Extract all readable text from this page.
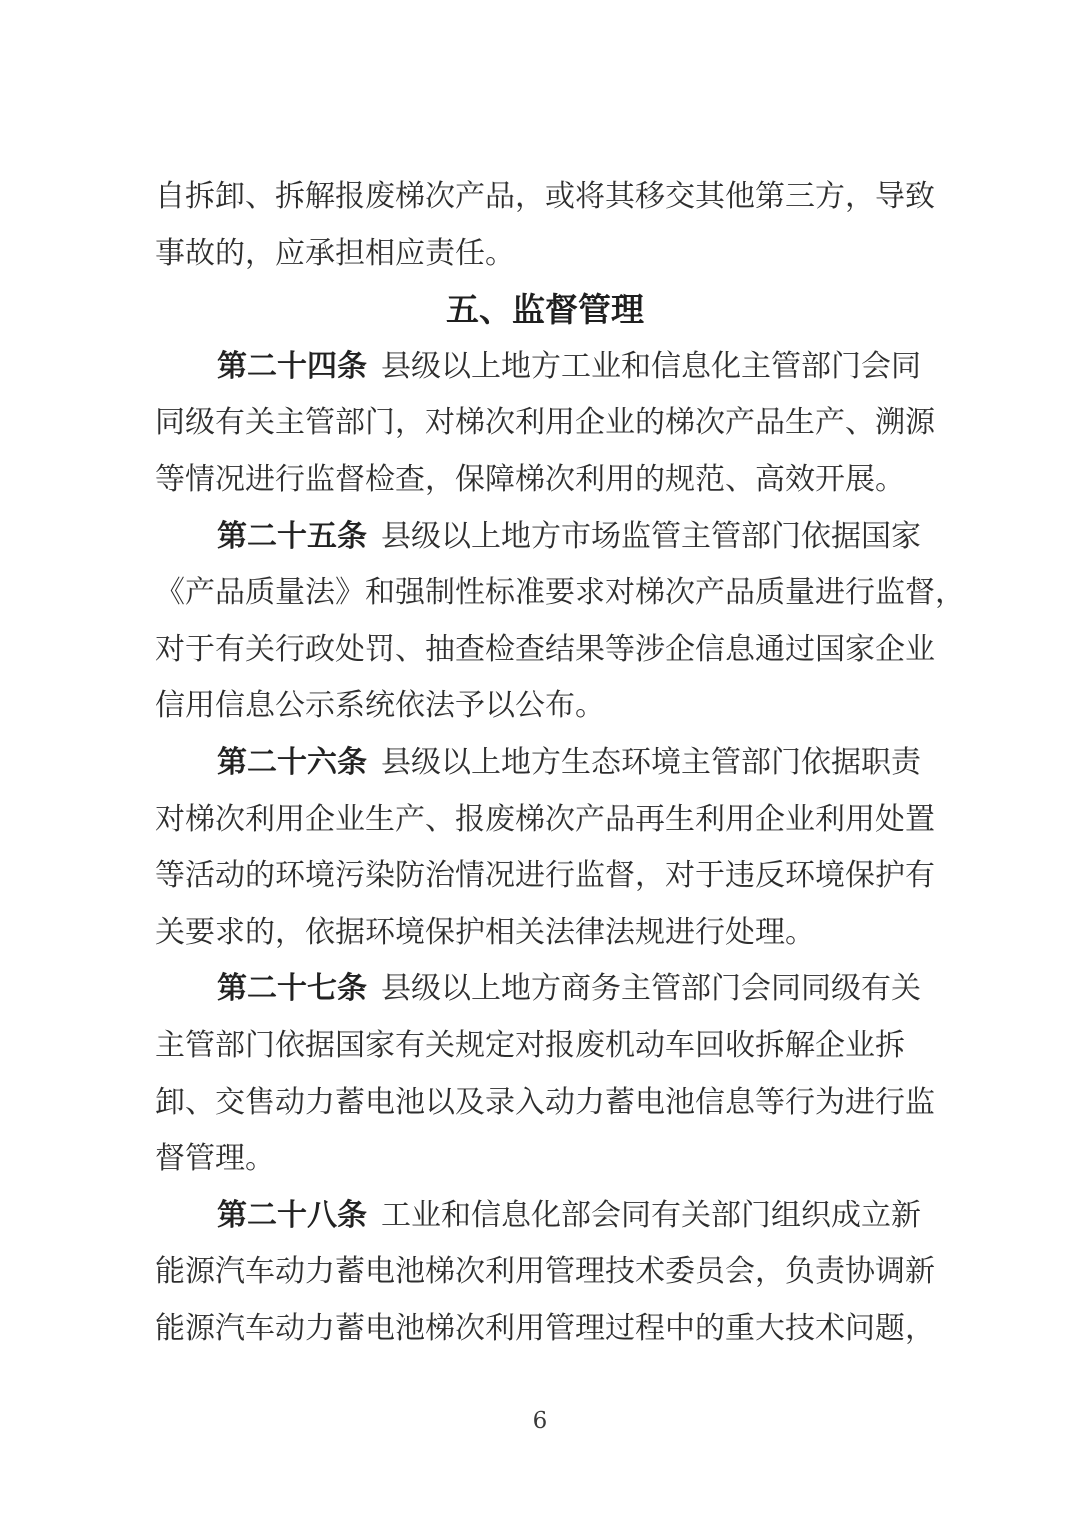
自拆卸、拆解报废梯次产品，或将其移交其他第三方，导致
事故的，应承担相应责任。
五、监督管理
第二十四条 县级以上地方工业和信息化主管部门会同
同级有关主管部门，对梯次利用企业的梯次产品生产、溯源
等情况进行监督检查，保障梯次利用的规范、高效开展。
第二十五条 县级以上地方市场监管主管部门依据国家
《产品质量法》和强制性标准要求对梯次产品质量进行监督，
对于有关行政处罚、抽查检查结果等涉企信息通过国家企业
信用信息公示系统依法予以公布。
第二十六条 县级以上地方生态环境主管部门依据职责
对梯次利用企业生产、报废梯次产品再生利用企业利用处置
等活动的环境污染防治情况进行监督，对于违反环境保护有
关要求的，依据环境保护相关法律法规进行处理。
第二十七条 县级以上地方商务主管部门会同同级有关
主管部门依据国家有关规定对报废机动车回收拆解企业拆
卸、交售动力蓄电池以及录入动力蓄电池信息等行为进行监
督管理。
第二十八条 工业和信息化部会同有关部门组织成立新
能源汽车动力蓄电池梯次利用管理技术委员会，负责协调新
能源汽车动力蓄电池梯次利用管理过程中的重大技术问题，
6
